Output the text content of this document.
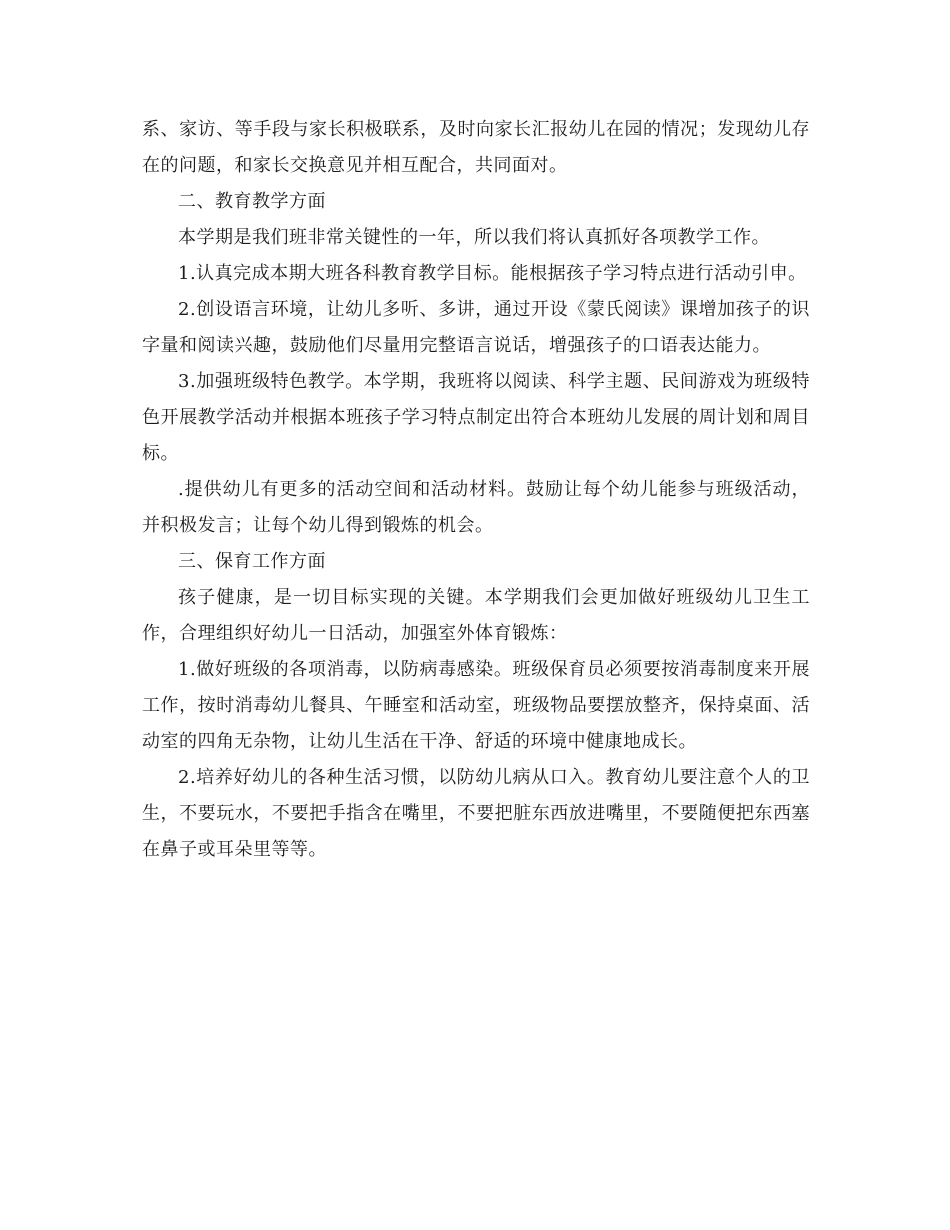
系、家访、等手段与家长积极联系，及时向家长汇报幼儿在园的情况；发现幼儿存在的问题，和家长交换意见并相互配合，共同面对。

二、教育教学方面

本学期是我们班非常关键性的一年，所以我们将认真抓好各项教学工作。

1.认真完成本期大班各科教育教学目标。能根据孩子学习特点进行活动引申。

2.创设语言环境，让幼儿多听、多讲，通过开设《蒙氏阅读》课增加孩子的识字量和阅读兴趣，鼓励他们尽量用完整语言说话，增强孩子的口语表达能力。

3.加强班级特色教学。本学期，我班将以阅读、科学主题、民间游戏为班级特色开展教学活动并根据本班孩子学习特点制定出符合本班幼儿发展的周计划和周目标。

.提供幼儿有更多的活动空间和活动材料。鼓励让每个幼儿能参与班级活动，并积极发言；让每个幼儿得到锻炼的机会。

三、保育工作方面

孩子健康，是一切目标实现的关键。本学期我们会更加做好班级幼儿卫生工作，合理组织好幼儿一日活动，加强室外体育锻炼：

1.做好班级的各项消毒，以防病毒感染。班级保育员必须要按消毒制度来开展工作，按时消毒幼儿餐具、午睡室和活动室，班级物品要摆放整齐，保持桌面、活动室的四角无杂物，让幼儿生活在干净、舒适的环境中健康地成长。

2.培养好幼儿的各种生活习惯，以防幼儿病从口入。教育幼儿要注意个人的卫生，不要玩水，不要把手指含在嘴里，不要把脏东西放进嘴里，不要随便把东西塞在鼻子或耳朵里等等。
